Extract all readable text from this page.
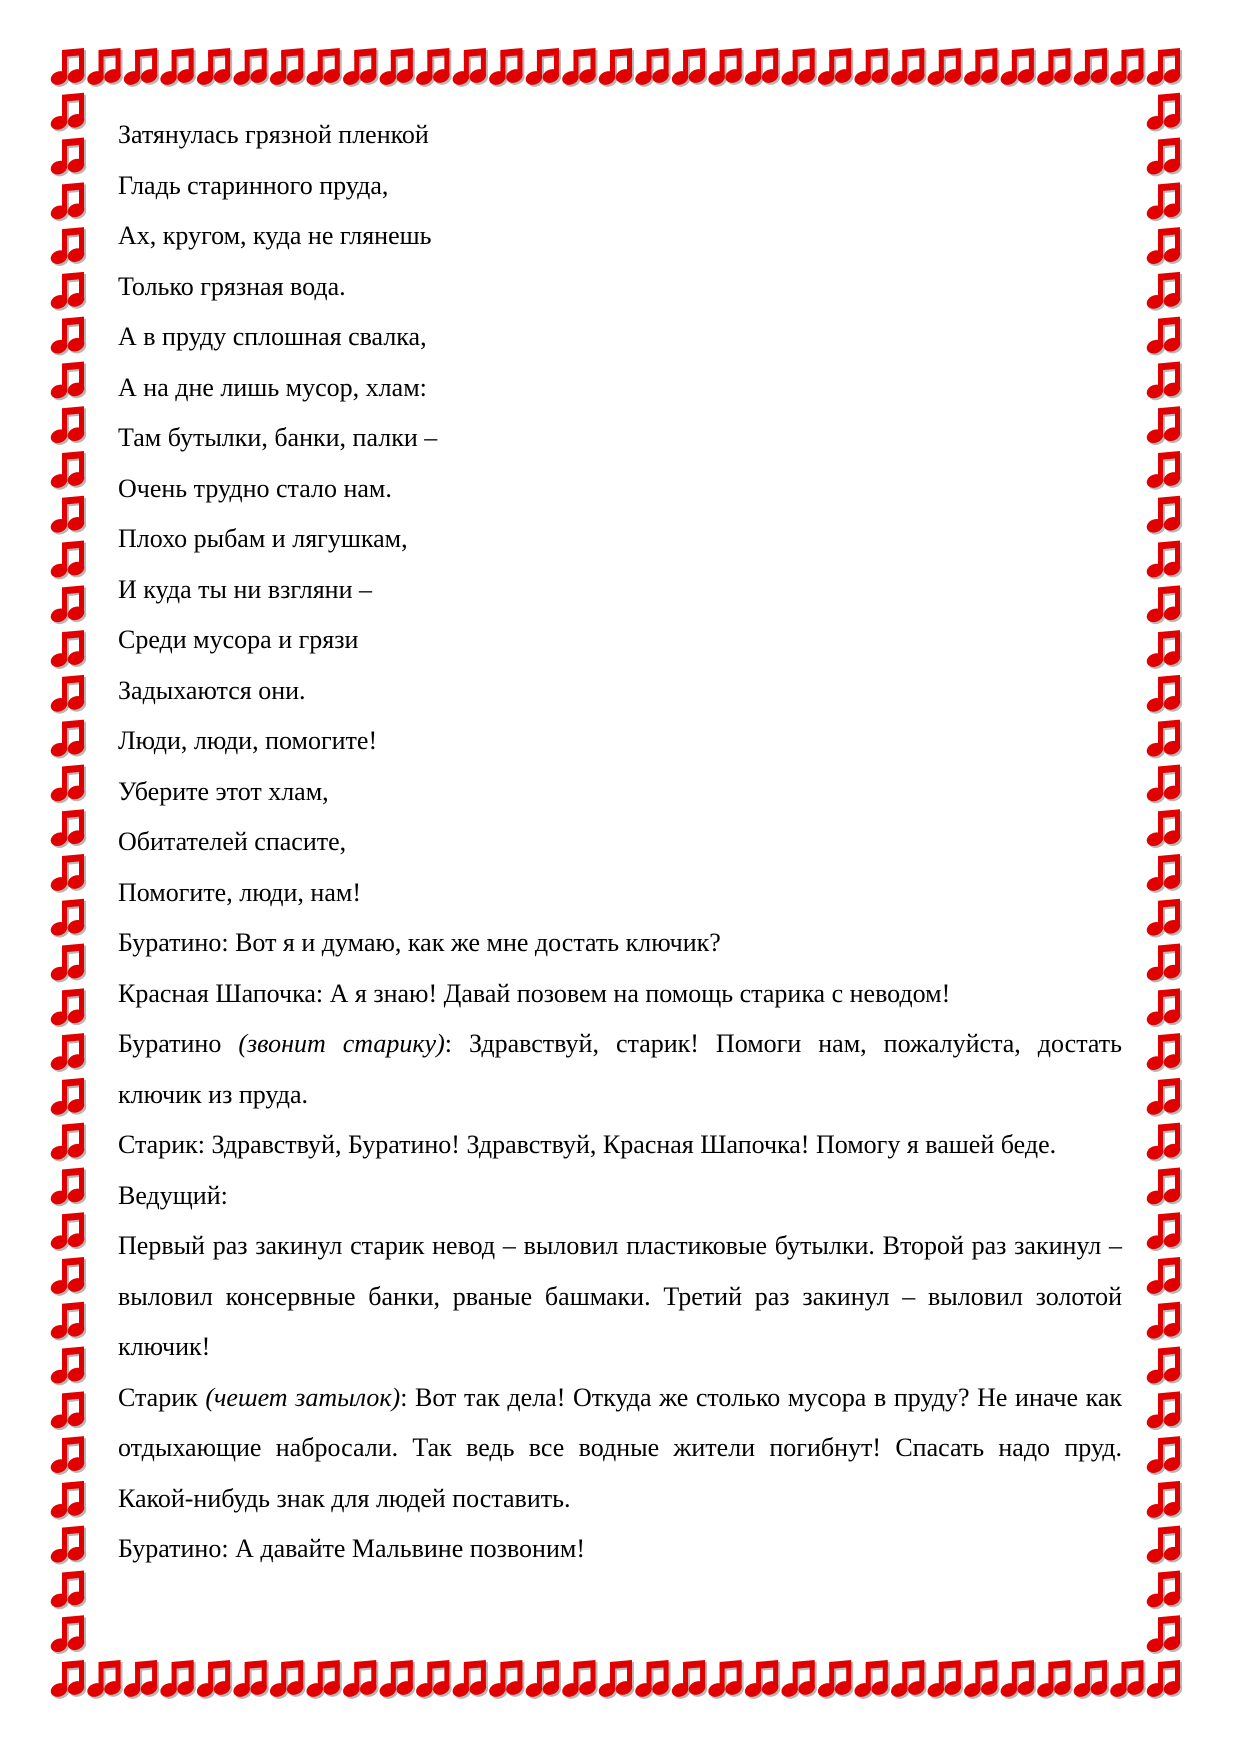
Затянулась грязной пленкой
Гладь старинного пруда,
Ах, кругом, куда не глянешь
Только грязная вода.
А в пруду сплошная свалка,
А на дне лишь мусор, хлам:
Там бутылки, банки, палки –
Очень трудно стало нам.
Плохо рыбам и лягушкам,
И куда ты ни взгляни –
Среди мусора и грязи
Задыхаются они.
Люди, люди, помогите!
Уберите этот хлам,
Обитателей спасите,
Помогите, люди, нам!
Буратино: Вот я и думаю, как же мне достать ключик?
Красная Шапочка: А я знаю! Давай позовем на помощь старика с неводом!
Буратино (звонит старику): Здравствуй, старик! Помоги нам, пожалуйста, достать ключик из пруда.
Старик: Здравствуй, Буратино! Здравствуй, Красная Шапочка! Помогу я вашей беде.
Ведущий:
Первый раз закинул старик невод – выловил пластиковые бутылки. Второй раз закинул – выловил консервные банки, рваные башмаки. Третий раз закинул – выловил золотой ключик!
Старик (чешет затылок): Вот так дела! Откуда же столько мусора в пруду? Не иначе как отдыхающие набросали. Так ведь все водные жители погибнут! Спасать надо пруд. Какой-нибудь знак для людей поставить.
Буратино: А давайте Мальвине позвоним!
